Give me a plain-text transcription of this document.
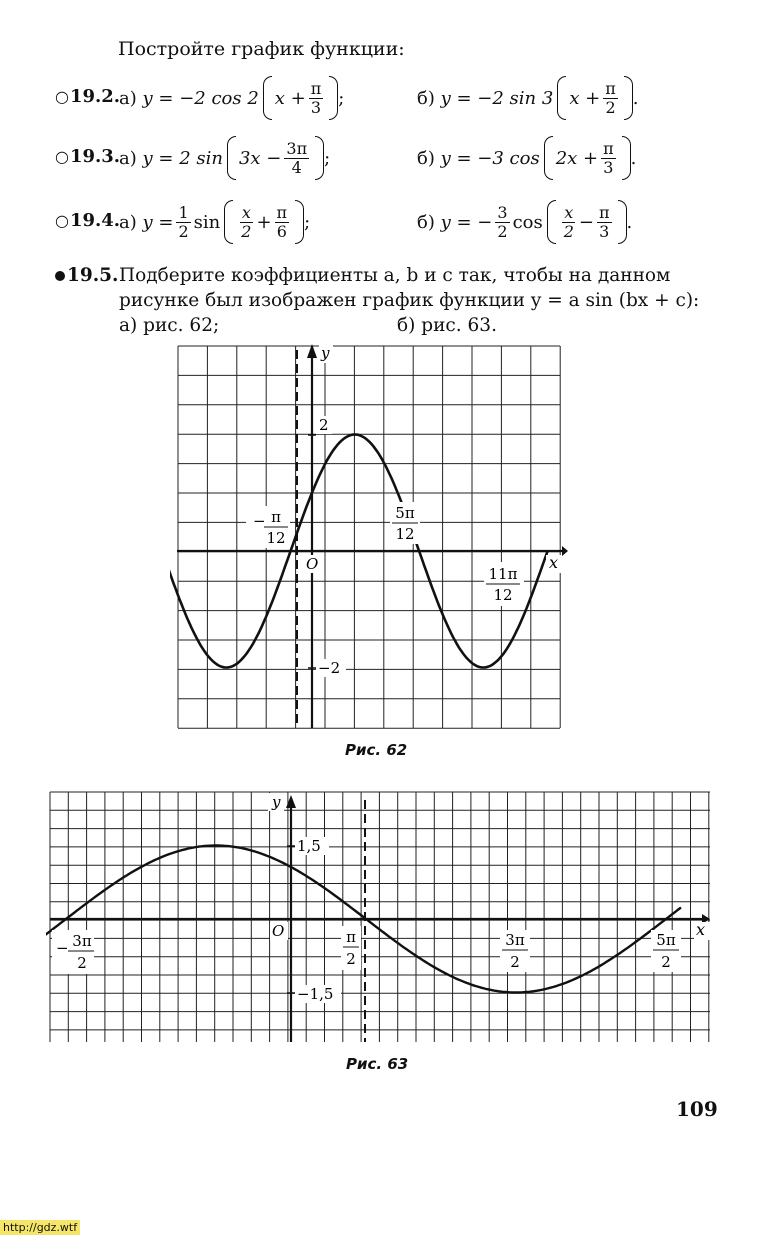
Постройте график функции:
○19.2.
а)
y = −2 cos 2 $x + \frac{\pi}{3}$ ;	б)
y = −2 sin 3 $x + \frac{\pi}{2}$ .
○19.3.
а)
y = 2 $\sin 3x - \frac{3\pi}{4}$ ;	б)
y = −3 $\cos 2x + \frac{\pi}{3}$ .
○19.4.
а)
$y = \frac{1}{2}$ $\sin \frac{x}{2} + \frac{\pi}{6}$ ;	б)
y = − $\frac{3}{2}$ $\cos \frac{x}{2} - \frac{\pi}{3}$ .
19.5. Подберите коэффициенты a, b и c так, чтобы на данном
рисунке был изображен график функции y = a sin (bx + c):
а) рис. 62;	б) рис. 63.
2
−2
y
x
O
− π
12
5π
12
11π
12
Рис. 62
1,5
−1,5
y
x
O
− 3π
2
π
2
3π
2
5π
2
Рис. 63
109
http://gdz.wtf
